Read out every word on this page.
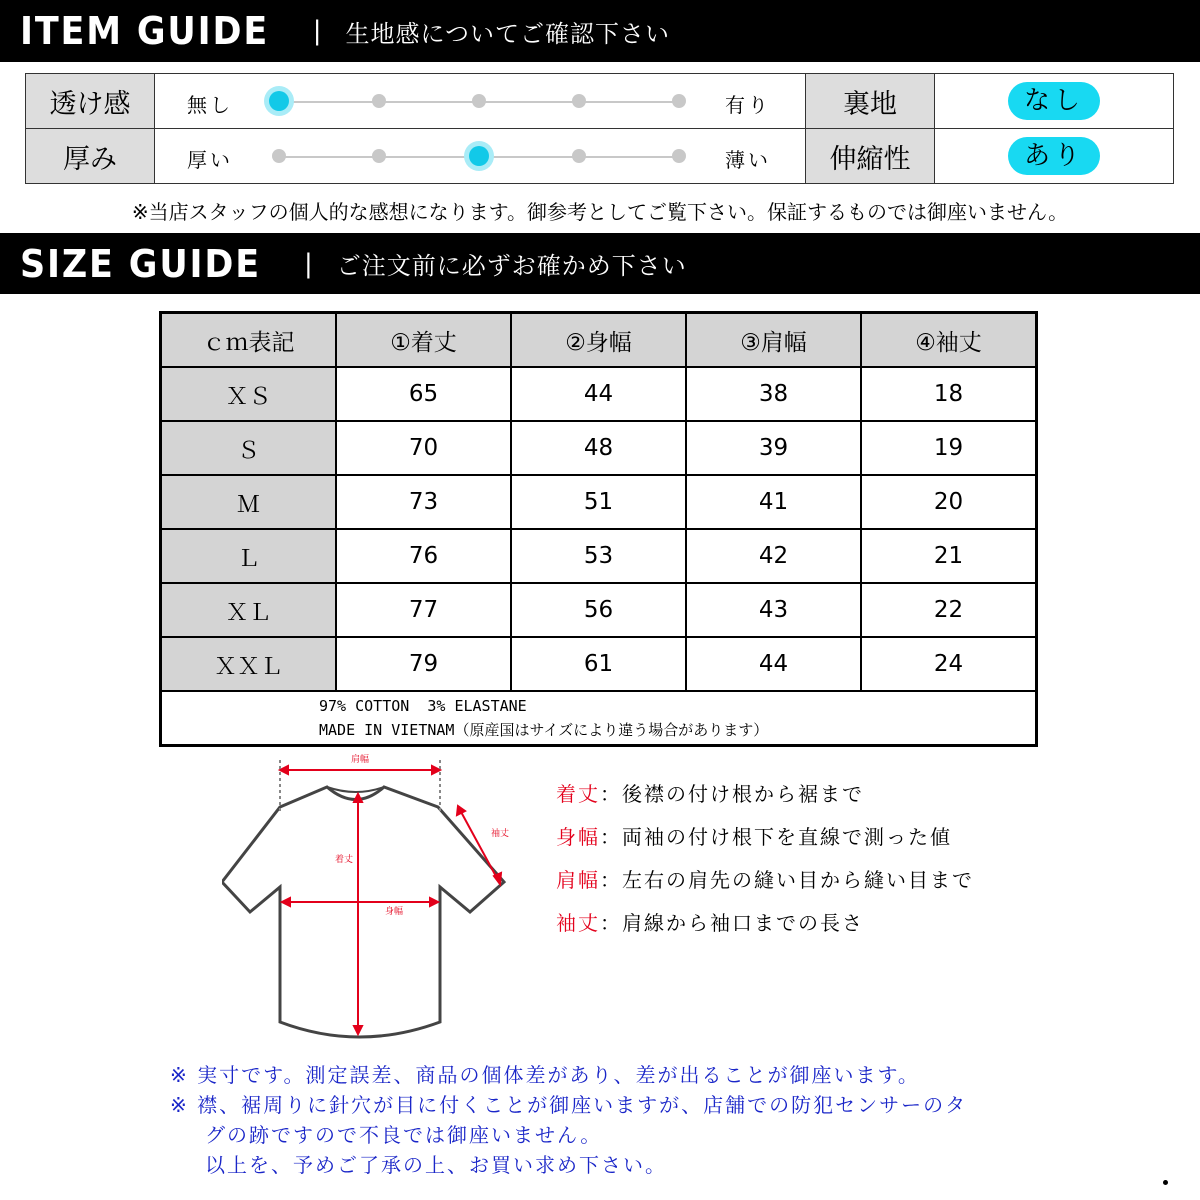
ITEM GUIDE | 生地感についてご確認下さい
透け感	無し 有り	裏地	なし
厚み	厚い 薄い	伸縮性	あり
※当店スタッフの個人的な感想になります。御参考としてご覧下さい。保証するものでは御座いません。
SIZE GUIDE | ご注文前に必ずお確かめ下さい
ｃｍ表記	①着丈	②身幅	③肩幅	④袖丈
ＸＳ	65	44	38	18
Ｓ	70	48	39	19
Ｍ	73	51	41	20
Ｌ	76	53	42	21
ＸＬ	77	56	43	22
ＸＸＬ	79	61	44	24

97% COTTON  3% ELASTANE
MADE IN VIETNAM（原産国はサイズにより違う場合があります）				
肩幅
袖丈
着丈
身幅
着丈：後襟の付け根から裾まで
身幅：両袖の付け根下を直線で測った値
肩幅：左右の肩先の縫い目から縫い目まで
袖丈：肩線から袖口までの長さ
※ 実寸です。測定誤差、商品の個体差があり、差が出ることが御座います。
※ 襟、裾周りに針穴が目に付くことが御座いますが、店舗での防犯センサーのタ
グの跡ですので不良では御座いません。
以上を、予めご了承の上、お買い求め下さい。
